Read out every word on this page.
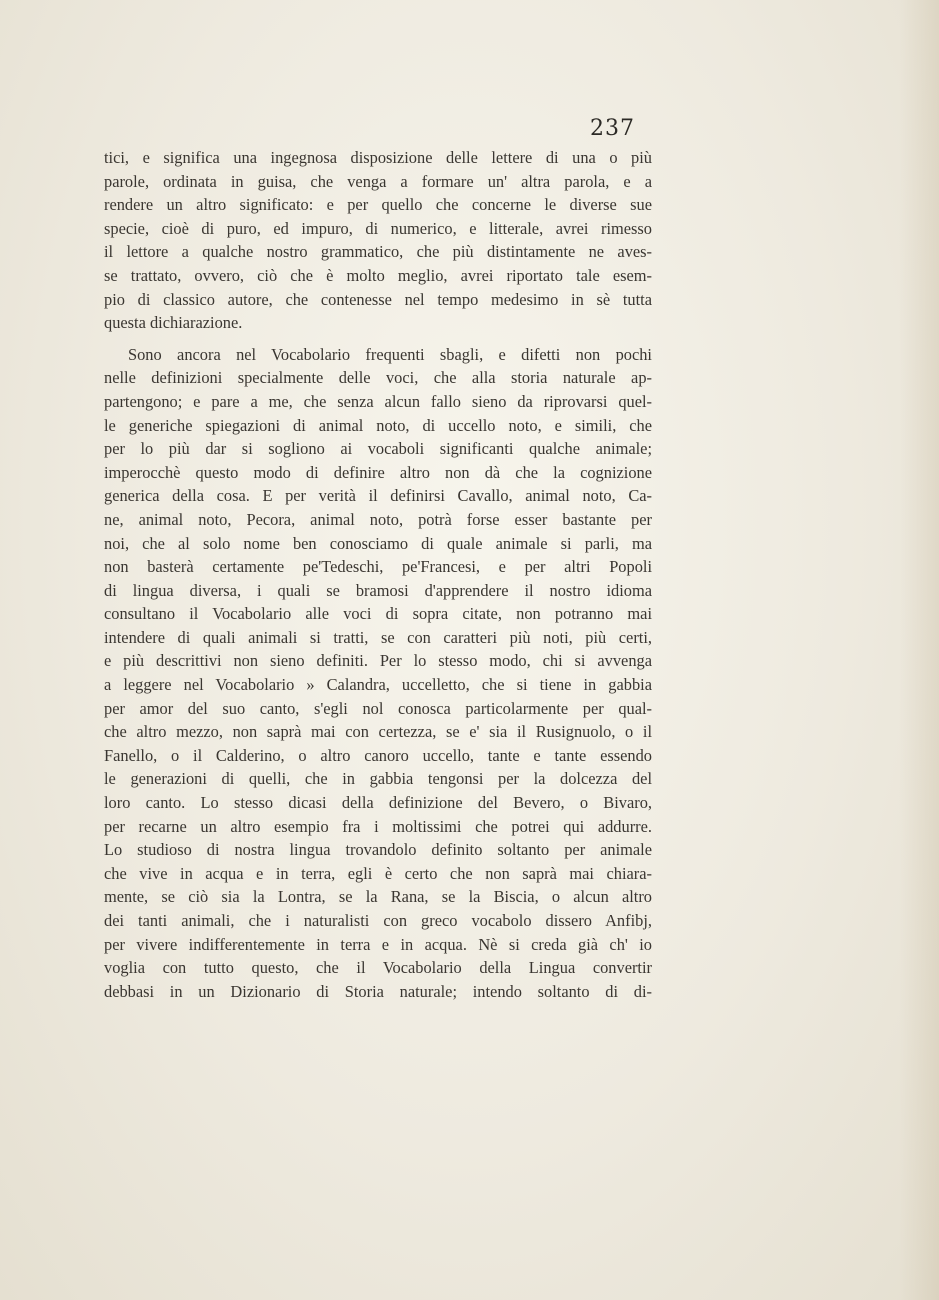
237
tici, e significa una ingegnosa disposizione delle lettere di una o più
parole, ordinata in guisa, che venga a formare un' altra parola, e a
rendere un altro significato: e per quello che concerne le diverse sue
specie, cioè di puro, ed impuro, di numerico, e litterale, avrei rimesso
il lettore a qualche nostro grammatico, che più distintamente ne aves-
se trattato, ovvero, ciò che è molto meglio, avrei riportato tale esem-
pio di classico autore, che contenesse nel tempo medesimo in sè tutta
questa dichiarazione.
Sono ancora nel Vocabolario frequenti sbagli, e difetti non pochi
nelle definizioni specialmente delle voci, che alla storia naturale ap-
partengono; e pare a me, che senza alcun fallo sieno da riprovarsi quel-
le generiche spiegazioni di animal noto, di uccello noto, e simili, che
per lo più dar si sogliono ai vocaboli significanti qualche animale;
imperocchè questo modo di definire altro non dà che la cognizione
generica della cosa. E per verità il definirsi Cavallo, animal noto, Ca-
ne, animal noto, Pecora, animal noto, potrà forse esser bastante per
noi, che al solo nome ben conosciamo di quale animale si parli, ma
non basterà certamente pe'Tedeschi, pe'Francesi, e per altri Popoli
di lingua diversa, i quali se bramosi d'apprendere il nostro idioma
consultano il Vocabolario alle voci di sopra citate, non potranno mai
intendere di quali animali si tratti, se con caratteri più noti, più certi,
e più descrittivi non sieno definiti. Per lo stesso modo, chi si avvenga
a leggere nel Vocabolario » Calandra, uccelletto, che si tiene in gabbia
per amor del suo canto, s'egli nol conosca particolarmente per qual-
che altro mezzo, non saprà mai con certezza, se e' sia il Rusignuolo, o il
Fanello, o il Calderino, o altro canoro uccello, tante e tante essendo
le generazioni di quelli, che in gabbia tengonsi per la dolcezza del
loro canto. Lo stesso dicasi della definizione del Bevero, o Bivaro,
per recarne un altro esempio fra i moltissimi che potrei qui addurre.
Lo studioso di nostra lingua trovandolo definito soltanto per animale
che vive in acqua e in terra, egli è certo che non saprà mai chiara-
mente, se ciò sia la Lontra, se la Rana, se la Biscia, o alcun altro
dei tanti animali, che i naturalisti con greco vocabolo dissero Anfibj,
per vivere indifferentemente in terra e in acqua. Nè si creda già ch' io
voglia con tutto questo, che il Vocabolario della Lingua convertir
debbasi in un Dizionario di Storia naturale; intendo soltanto di di-
